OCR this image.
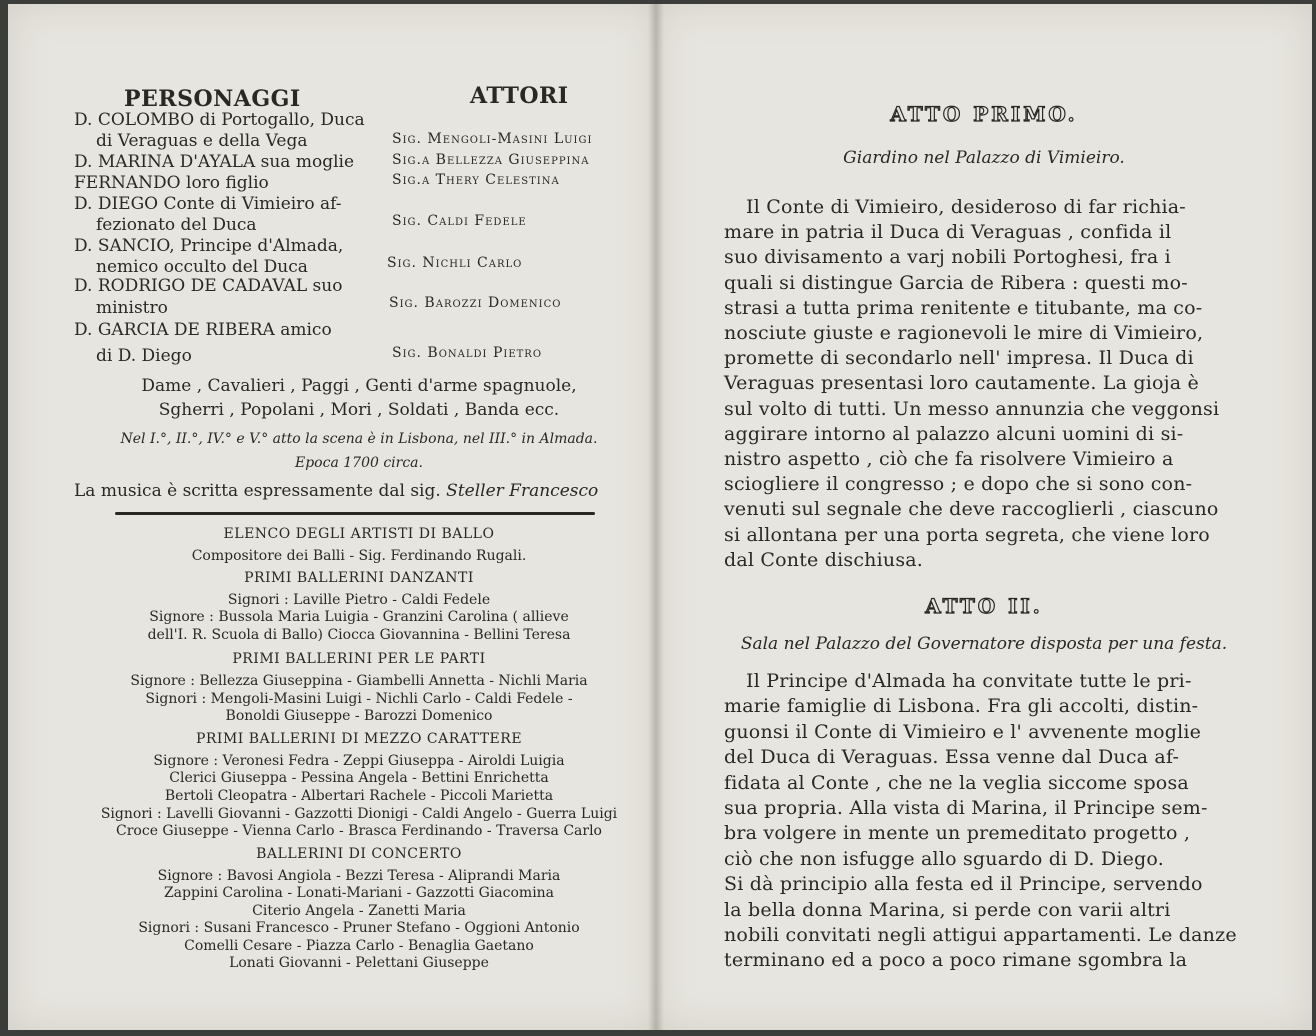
PERSONAGGI	ATTORI
D. COLOMBO di Portogallo, Duca
di Veraguas e della Vega	Sig. Mengoli-Masini Luigi
D. MARINA D'AYALA sua moglie	Sig.a Bellezza Giuseppina
FERNANDO loro figlio	Sig.a Thery Celestina
D. DIEGO Conte di Vimieiro af-
fezionato del Duca	Sig. Caldi Fedele
D. SANCIO, Principe d'Almada,
nemico occulto del Duca	Sig. Nichli Carlo
D. RODRIGO DE CADAVAL suo
ministro	Sig. Barozzi Domenico
D. GARCIA DE RIBERA amico
di D. Diego	Sig. Bonaldi Pietro
Dame , Cavalieri , Paggi , Genti d'arme spagnuole,
Sgherri , Popolani , Mori , Soldati , Banda ecc.
Nel I.°, II.°, IV.° e V.° atto la scena è in Lisbona, nel III.° in Almada.
Epoca 1700 circa.
La musica è scritta espressamente dal sig. Steller Francesco
ELENCO DEGLI ARTISTI DI BALLO
Compositore dei Balli - Sig. Ferdinando Rugali.
PRIMI BALLERINI DANZANTI
Signori : Laville Pietro - Caldi Fedele
Signore : Bussola Maria Luigia - Granzini Carolina ( allieve
dell'I. R. Scuola di Ballo) Ciocca Giovannina - Bellini Teresa
PRIMI BALLERINI PER LE PARTI
Signore : Bellezza Giuseppina - Giambelli Annetta - Nichli Maria
Signori : Mengoli-Masini Luigi - Nichli Carlo - Caldi Fedele -
Bonoldi Giuseppe - Barozzi Domenico
PRIMI BALLERINI DI MEZZO CARATTERE
Signore : Veronesi Fedra - Zeppi Giuseppa - Airoldi Luigia
Clerici Giuseppa - Pessina Angela - Bettini Enrichetta
Bertoli Cleopatra - Albertari Rachele - Piccoli Marietta
Signori : Lavelli Giovanni - Gazzotti Dionigi - Caldi Angelo - Guerra Luigi
Croce Giuseppe - Vienna Carlo - Brasca Ferdinando - Traversa Carlo
BALLERINI DI CONCERTO
Signore : Bavosi Angiola - Bezzi Teresa - Aliprandi Maria
Zappini Carolina - Lonati-Mariani - Gazzotti Giacomina
Citerio Angela - Zanetti Maria
Signori : Susani Francesco - Pruner Stefano - Oggioni Antonio
Comelli Cesare - Piazza Carlo - Benaglia Gaetano
Lonati Giovanni - Pelettani Giuseppe
ATTO PRIMO.
Giardino nel Palazzo di Vimieiro.
Il Conte di Vimieiro, desideroso di far richia-
mare in patria il Duca di Veraguas , confida il
suo divisamento a varj nobili Portoghesi, fra i
quali si distingue Garcia de Ribera : questi mo-
strasi a tutta prima renitente e titubante, ma co-
nosciute giuste e ragionevoli le mire di Vimieiro,
promette di secondarlo nell' impresa. Il Duca di
Veraguas presentasi loro cautamente. La gioja è
sul volto di tutti. Un messo annunzia che veggonsi
aggirare intorno al palazzo alcuni uomini di si-
nistro aspetto , ciò che fa risolvere Vimieiro a
sciogliere il congresso ; e dopo che si sono con-
venuti sul segnale che deve raccoglierli , ciascuno
si allontana per una porta segreta, che viene loro
dal Conte dischiusa.
ATTO II.
Sala nel Palazzo del Governatore disposta per una festa.
Il Principe d'Almada ha convitate tutte le pri-
marie famiglie di Lisbona. Fra gli accolti, distin-
guonsi il Conte di Vimieiro e l' avvenente moglie
del Duca di Veraguas. Essa venne dal Duca af-
fidata al Conte , che ne la veglia siccome sposa
sua propria. Alla vista di Marina, il Principe sem-
bra volgere in mente un premeditato progetto ,
ciò che non isfugge allo sguardo di D. Diego.
Si dà principio alla festa ed il Principe, servendo
la bella donna Marina, si perde con varii altri
nobili convitati negli attigui appartamenti. Le danze
terminano ed a poco a poco rimane sgombra la
